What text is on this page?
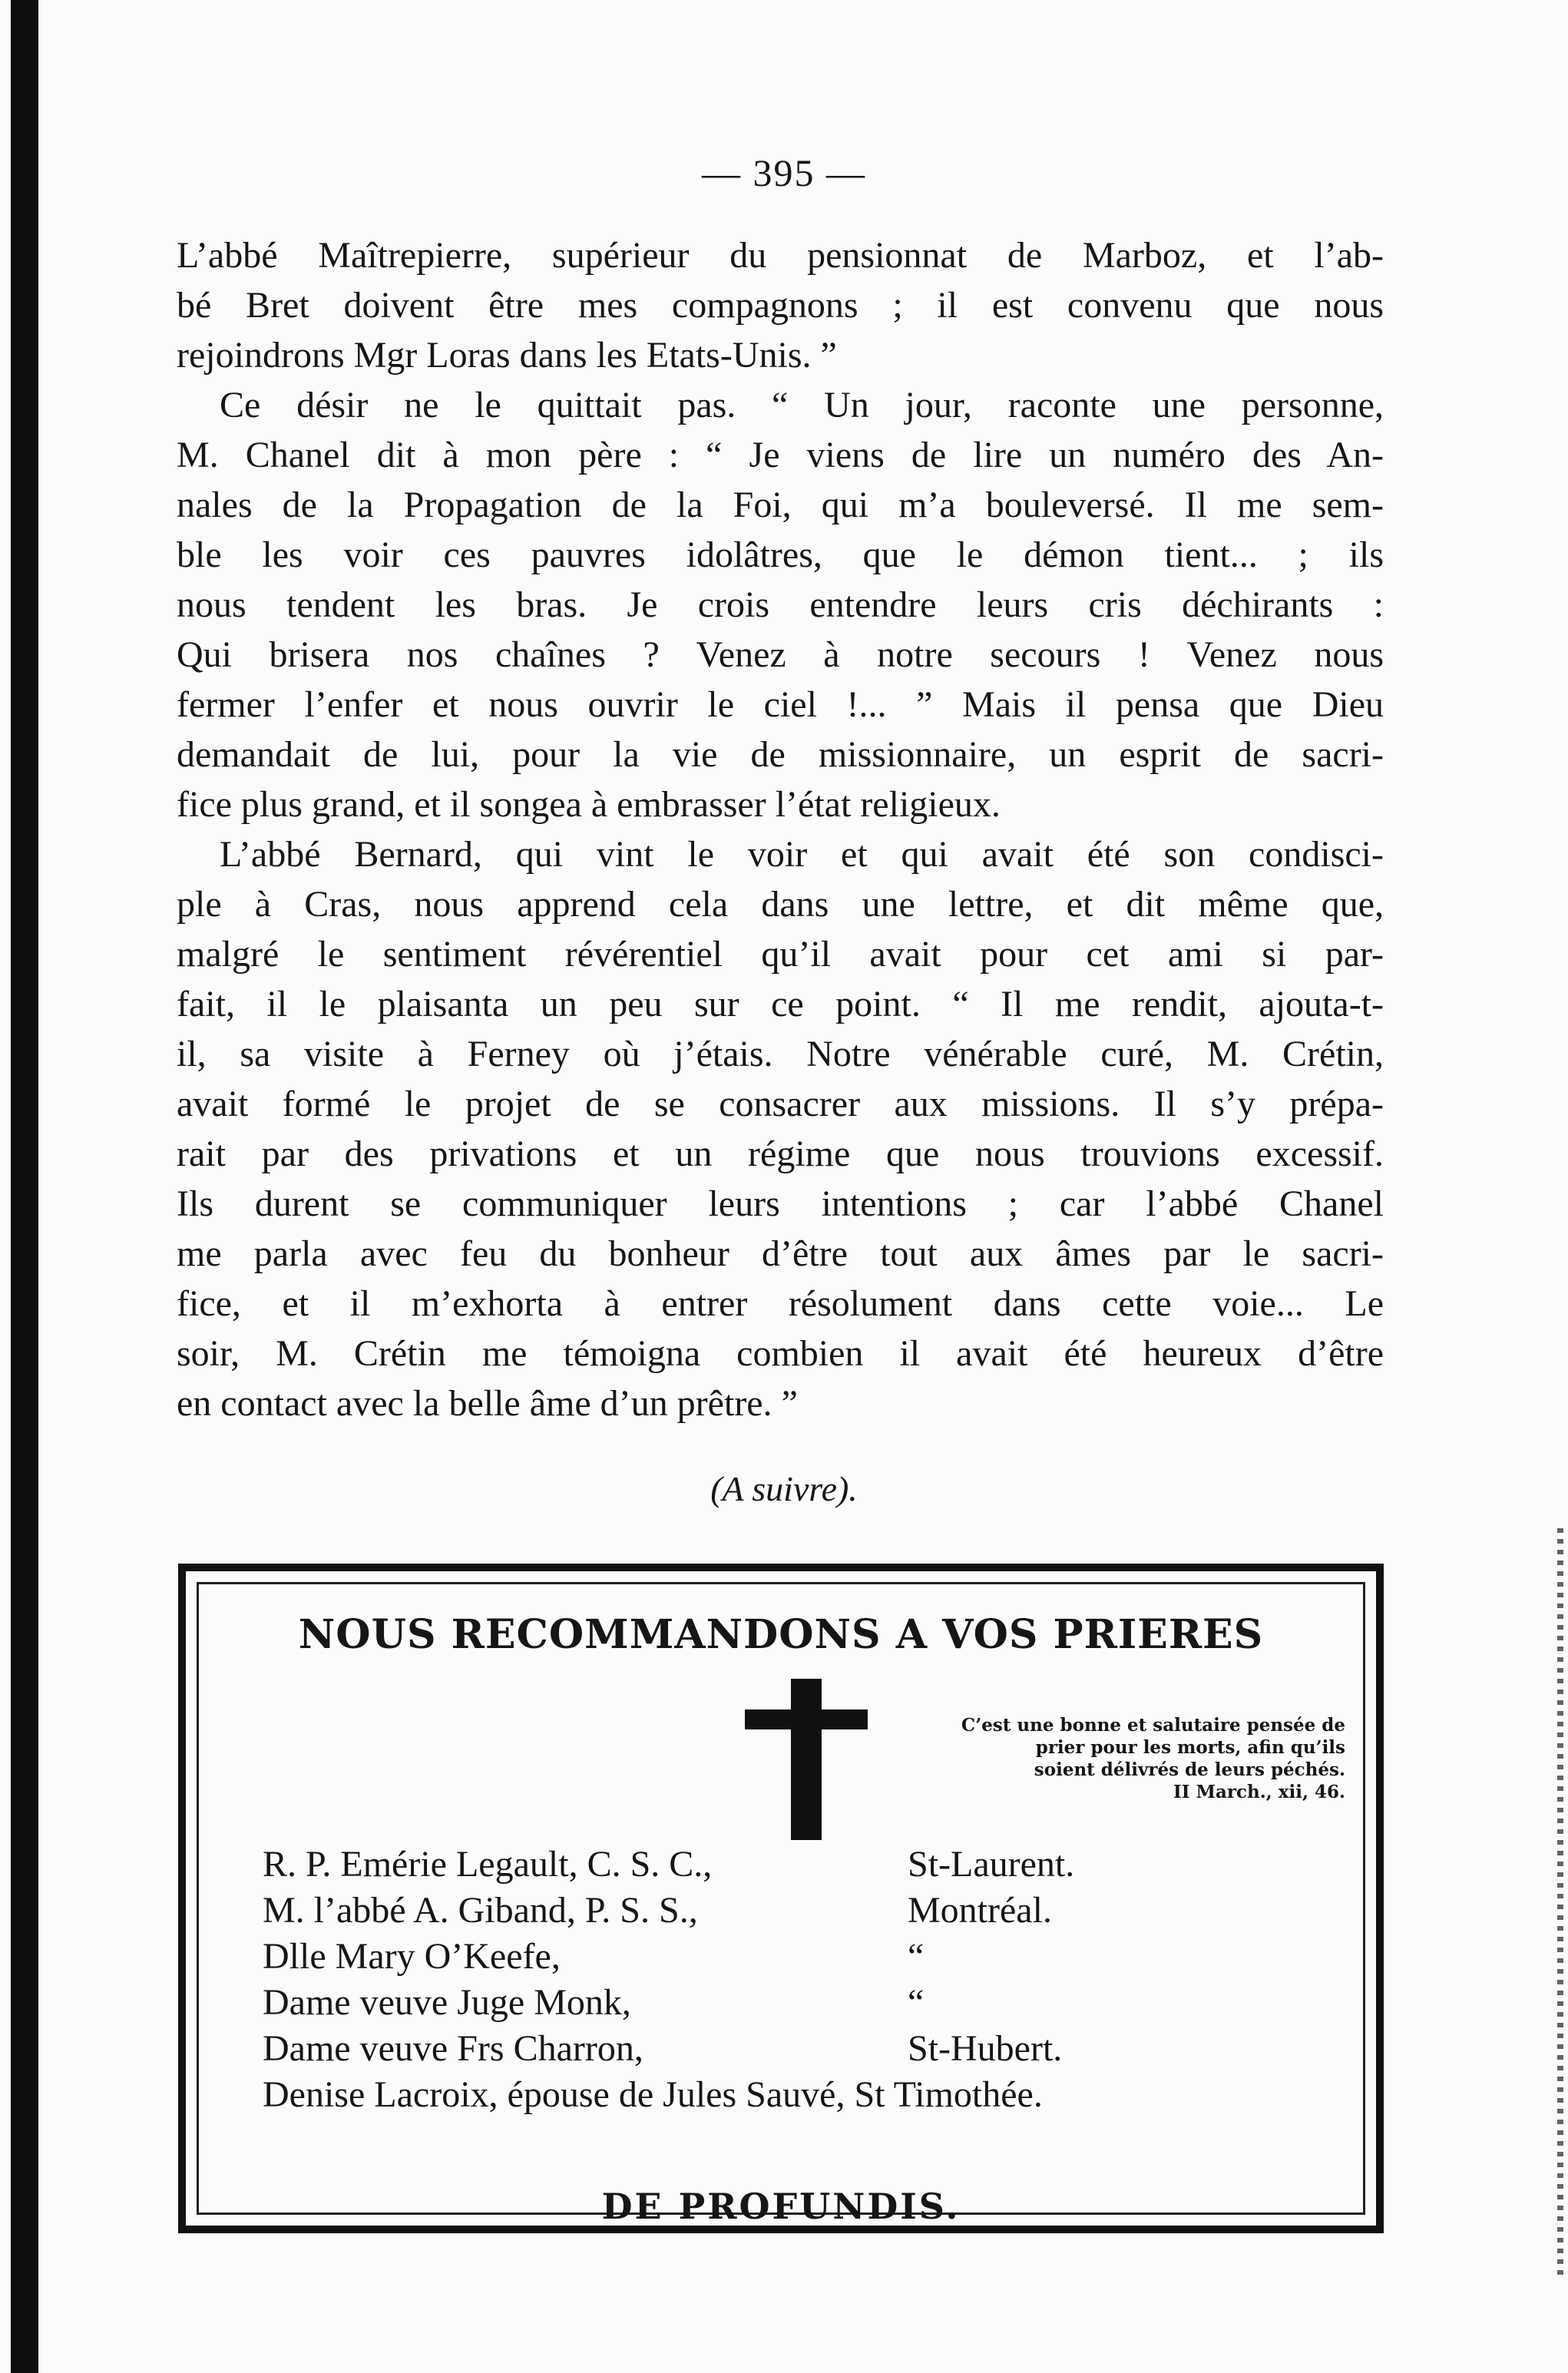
— 395 —
L’abbé Maîtrepierre, supérieur du pensionnat de Marboz, et l’ab-
bé Bret doivent être mes compagnons ; il est convenu que nous
rejoindrons Mgr Loras dans les Etats-Unis. ”
Ce désir ne le quittait pas. “ Un jour, raconte une personne,
M. Chanel dit à mon père : “ Je viens de lire un numéro des An-
nales de la Propagation de la Foi, qui m’a bouleversé. Il me sem-
ble les voir ces pauvres idolâtres, que le démon tient... ; ils
nous tendent les bras. Je crois entendre leurs cris déchirants :
Qui brisera nos chaînes ? Venez à notre secours ! Venez nous
fermer l’enfer et nous ouvrir le ciel !... ” Mais il pensa que Dieu
demandait de lui, pour la vie de missionnaire, un esprit de sacri-
fice plus grand, et il songea à embrasser l’état religieux.
L’abbé Bernard, qui vint le voir et qui avait été son condisci-
ple à Cras, nous apprend cela dans une lettre, et dit même que,
malgré le sentiment révérentiel qu’il avait pour cet ami si par-
fait, il le plaisanta un peu sur ce point. “ Il me rendit, ajouta-t-
il, sa visite à Ferney où j’étais. Notre vénérable curé, M. Crétin,
avait formé le projet de se consacrer aux missions. Il s’y prépa-
rait par des privations et un régime que nous trouvions excessif.
Ils durent se communiquer leurs intentions ; car l’abbé Chanel
me parla avec feu du bonheur d’être tout aux âmes par le sacri-
fice, et il m’exhorta à entrer résolument dans cette voie... Le
soir, M. Crétin me témoigna combien il avait été heureux d’être
en contact avec la belle âme d’un prêtre. ”
(A suivre).
NOUS RECOMMANDONS A VOS PRIERES
C’est une bonne et salutaire pensée de
prier pour les morts, afin qu’ils
soient délivrés de leurs péchés.
II March., xii, 46.
R. P. Emérie Legault, C. S. C.,	St-Laurent.
M. l’abbé A. Giband, P. S. S.,	Montréal.
Dlle Mary O’Keefe,	“
Dame veuve Juge Monk,	“
Dame veuve Frs Charron,	St-Hubert.
Denise Lacroix, épouse de Jules Sauvé, St Timothée.
DE PROFUNDIS.
